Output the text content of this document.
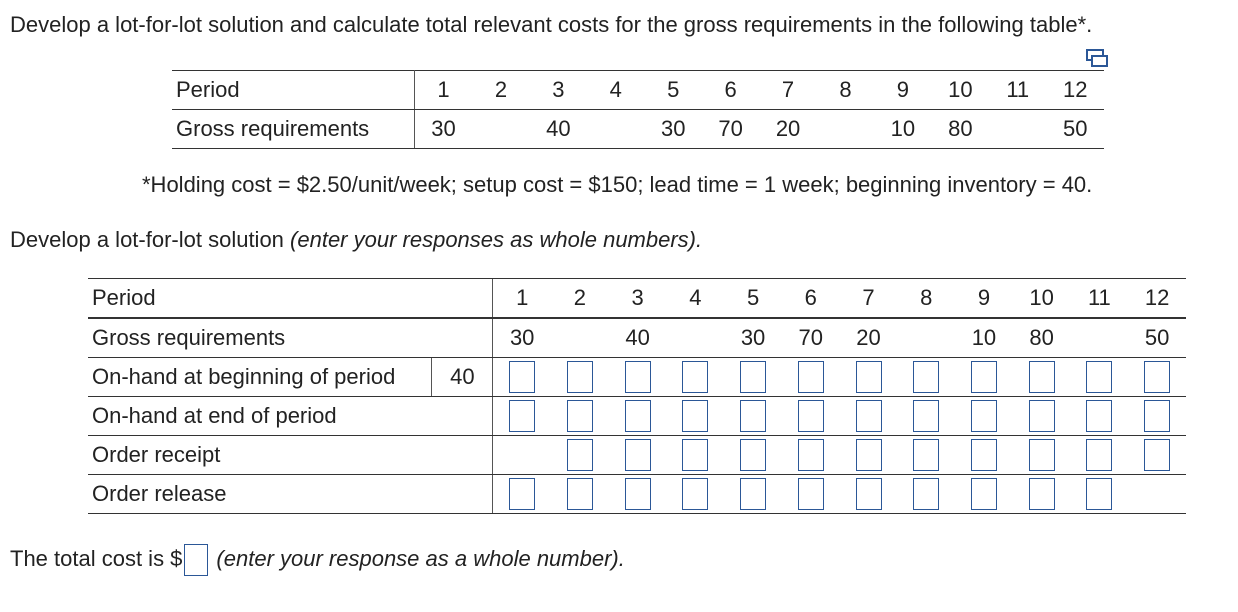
Develop a lot-for-lot solution and calculate total relevant costs for the gross requirements in the following table*.
Period	1	2	3	4	5	6	7	8	9	10	11	12
Gross requirements	30		40		30	70	20		10	80		50
*Holding cost = $2.50/unit/week; setup cost = $150; lead time = 1 week; beginning inventory = 40.
Develop a lot-for-lot solution (enter your responses as whole numbers).
Period		1	2	3	4	5	6	7	8	9	10	11	12
Gross requirements		30		40		30	70	20		10	80		50
On-hand at beginning of period	40												
On-hand at end of period													
Order receipt													
Order release													
The total cost is $ (enter your response as a whole number).
